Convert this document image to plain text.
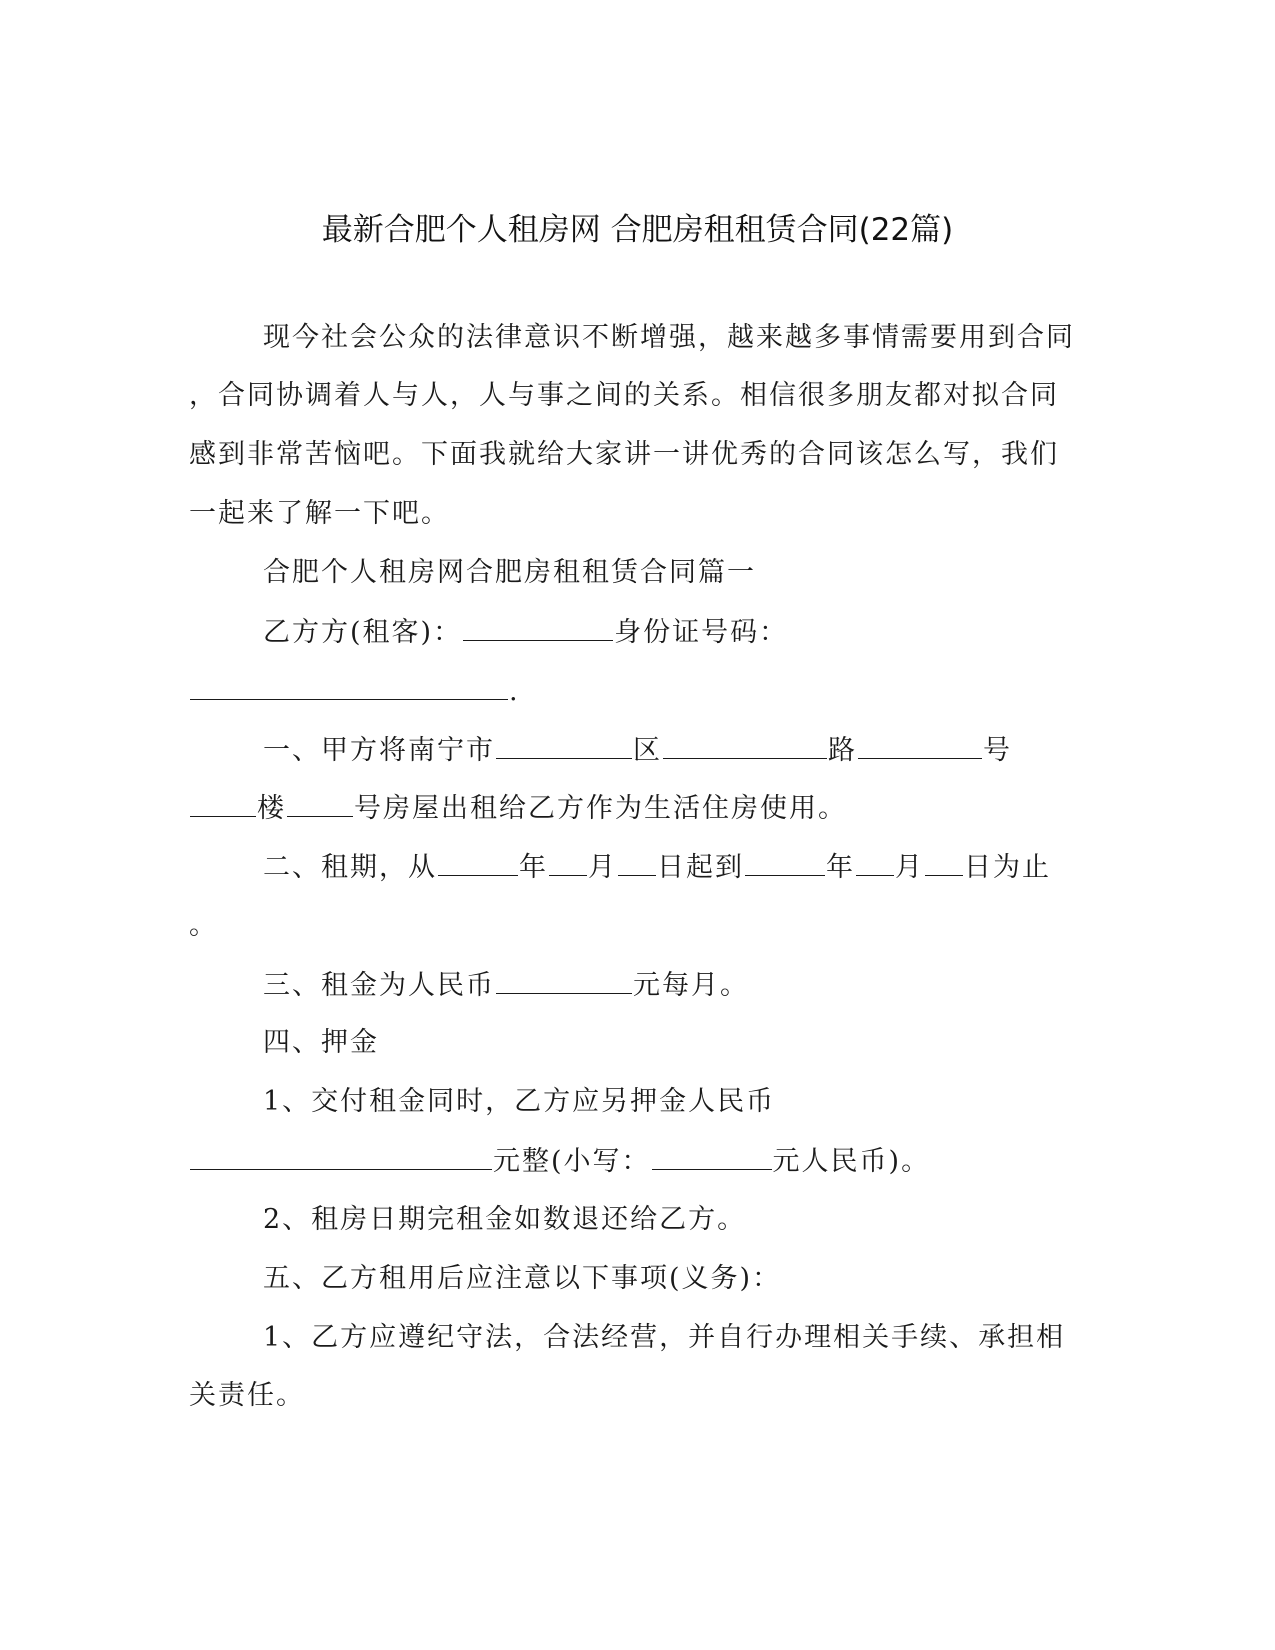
最新合肥个人租房网 合肥房租租赁合同(22篇)
现今社会公众的法律意识不断增强，越来越多事情需要用到合同
，合同协调着人与人，人与事之间的关系。相信很多朋友都对拟合同
感到非常苦恼吧。下面我就给大家讲一讲优秀的合同该怎么写，我们
一起来了解一下吧。
合肥个人租房网合肥房租租赁合同篇一
乙方方(租客)：	身份证号码：
.
一、甲方将南宁市	区	路	号
楼	号房屋出租给乙方作为生活住房使用。
二、租期，从	年 月 日起到	年 月 日为止
。
三、租金为人民币	元每月。
四、押金
1、交付租金同时，乙方应另押金人民币
元整(小写：	元人民币)。
2、租房日期完租金如数退还给乙方。
五、乙方租用后应注意以下事项(义务)：
1、乙方应遵纪守法，合法经营，并自行办理相关手续、承担相
关责任。
